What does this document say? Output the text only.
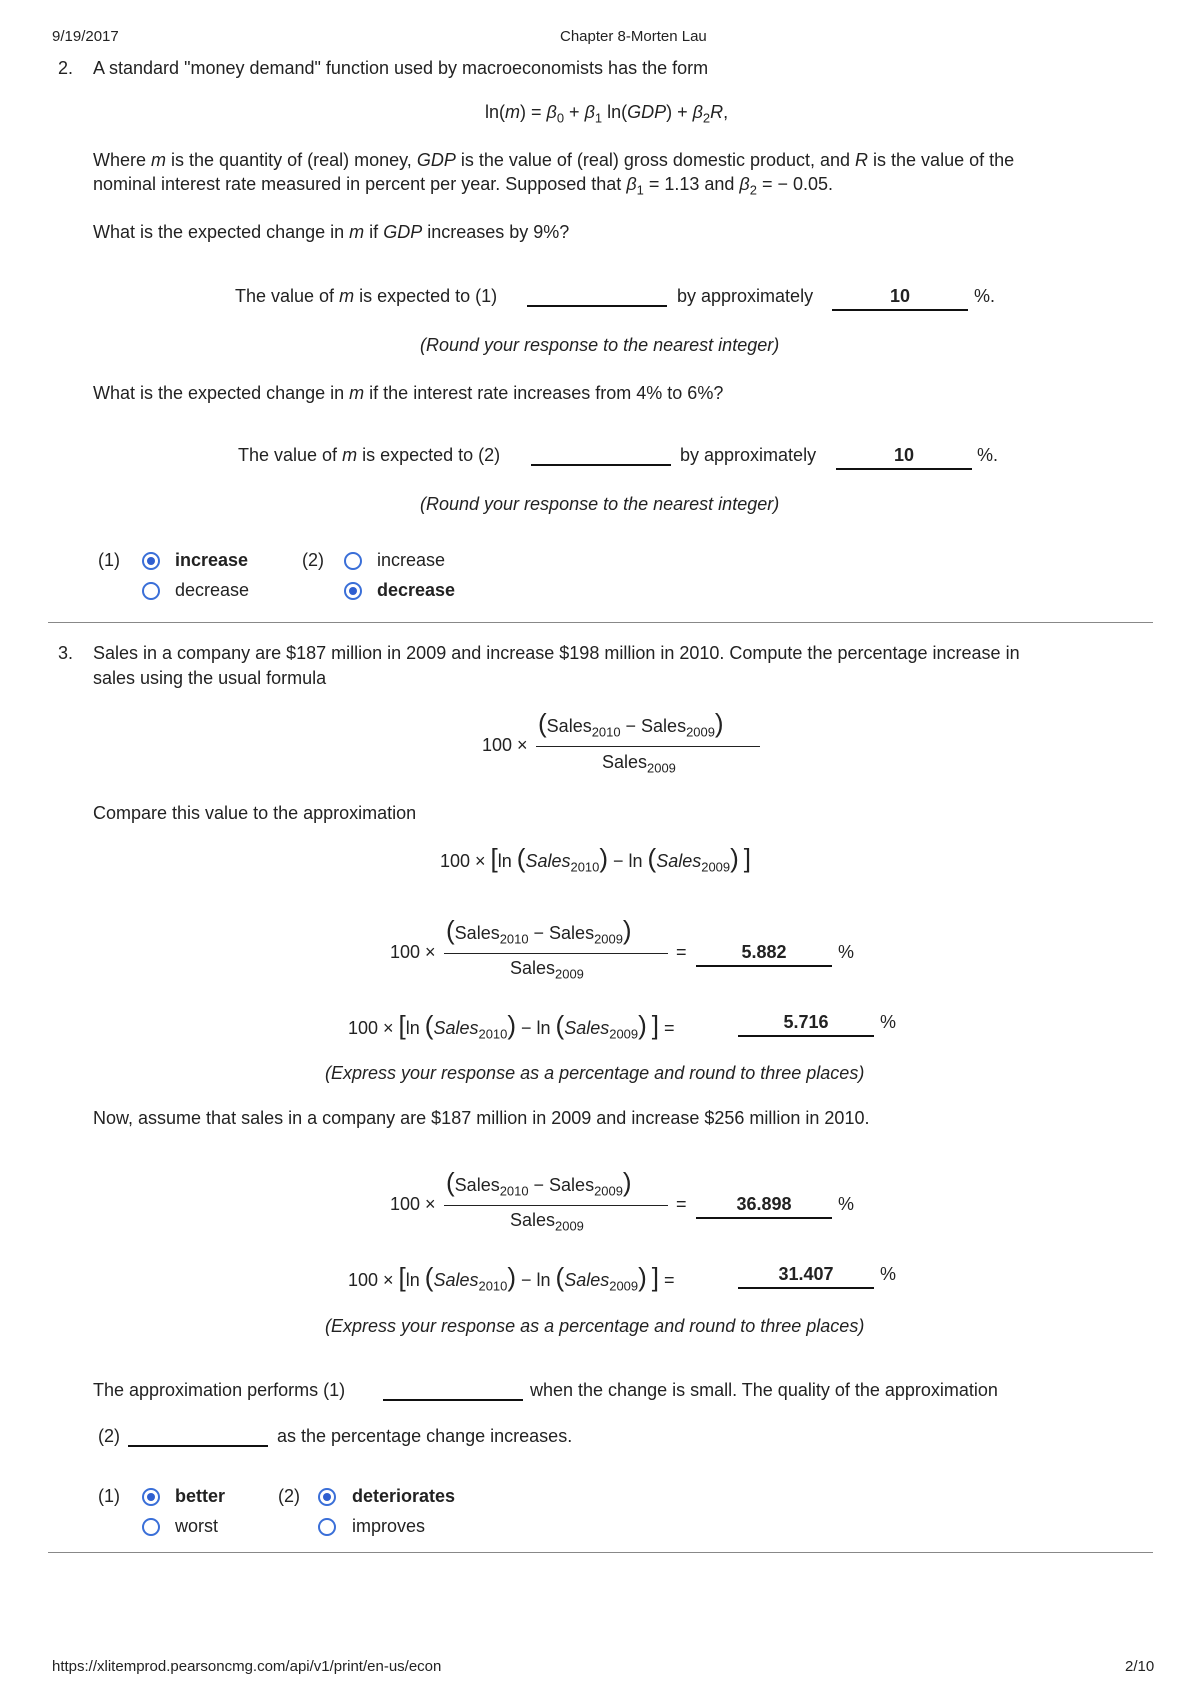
9/19/2017	Chapter 8-Morten Lau
2. A standard "money demand" function used by macroeconomists has the form
$\ln(m) = \beta_0 + \beta_1$ $\ln(GDP) + \beta_2R$,
Where m is the quantity of (real) money, GDP is the value of (real) gross domestic product, and R is the value of the
nominal interest rate measured in percent per year. Supposed that $\beta_1 = 1.13$ and $\beta_2$ = − 0.05.
What is the expected change in m if GDP increases by 9%?
The value of m is expected to (1)	by approximately	10	%.
(Round your response to the nearest integer)
What is the expected change in m if the interest rate increases from 4% to 6%?
The value of m is expected to (2)	by approximately	10	%.
(Round your response to the nearest integer)
(1)	increase
decrease
(2)	increase
decrease
3. Sales in a company are $187 million in 2009 and increase $198 million in 2010. Compute the percentage increase in
sales using the usual formula
100 ×
(Sales$_{2010}$ − Sales$_{2009}$)
Sales$_{2009}$
Compare this value to the approximation
100 × [ln (Sales$_{2010}$) − ln (Sales$_{2009}$) ]
100 ×
(Sales$_{2010}$ − Sales$_{2009}$)
Sales$_{2009}$
=	5.882	%
100 × [ln (Sales$_{2010}$) − ln (Sales$_{2009}$) ] =	5.716	%
(Express your response as a percentage and round to three places)
Now, assume that sales in a company are $187 million in 2009 and increase $256 million in 2010.
100 ×
(Sales$_{2010}$ − Sales$_{2009}$)
Sales$_{2009}$
=	36.898	%
100 × [ln (Sales$_{2010}$) − ln (Sales$_{2009}$) ] =	31.407	%
(Express your response as a percentage and round to three places)
The approximation performs (1)	when the change is small. The quality of the approximation
(2)	as the percentage change increases.
(1)	better
worst
(2)	deteriorates
improves
https://xlitemprod.pearsoncmg.com/api/v1/print/en-us/econ	2/10
